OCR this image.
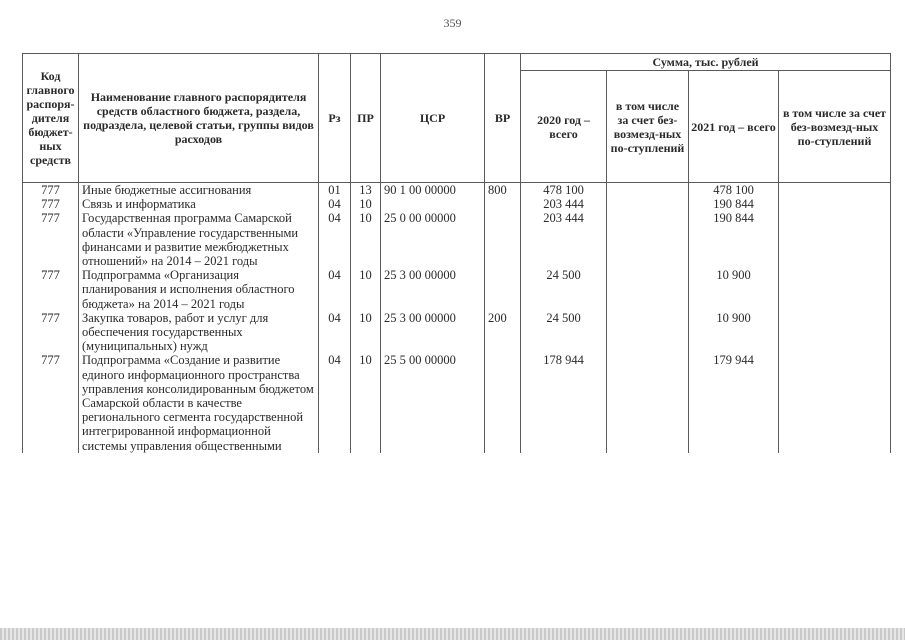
359
Код главного распоря-дителя бюджет-ных средств	Наименование главного распорядителя средств областного бюджета, раздела, подраздела, целевой статьи, группы видов расходов	Рз	ПР	ЦСР	ВР	Сумма, тыс. рублей			
						2020 год – всего	в том числе за счет без-возмезд-ных по-ступлений	2021 год – всего	в том числе за счет без-возмезд-ных по-ступлений
777	Иные бюджетные ассигнования	01	13	90 1 00 00000	800	478 100		478 100	
777	Связь и информатика	04	10			203 444		190 844	
777	Государственная программа Самарской области «Управление государственными финансами и развитие межбюджетных отношений» на 2014 – 2021 годы	04	10	25 0 00 00000		203 444		190 844	
777	Подпрограмма «Организация планирования и исполнения областного бюджета» на 2014 – 2021 годы	04	10	25 3 00 00000		24 500		10 900	
777	Закупка товаров, работ и услуг для обеспечения государственных (муниципальных) нужд	04	10	25 3 00 00000	200	24 500		10 900	
777	Подпрограмма «Создание и развитие единого информационного пространства управления консолидированным бюджетом Самарской области в качестве регионального сегмента государственной интегрированной информационной системы управления общественными	04	10	25 5 00 00000		178 944		179 944	
